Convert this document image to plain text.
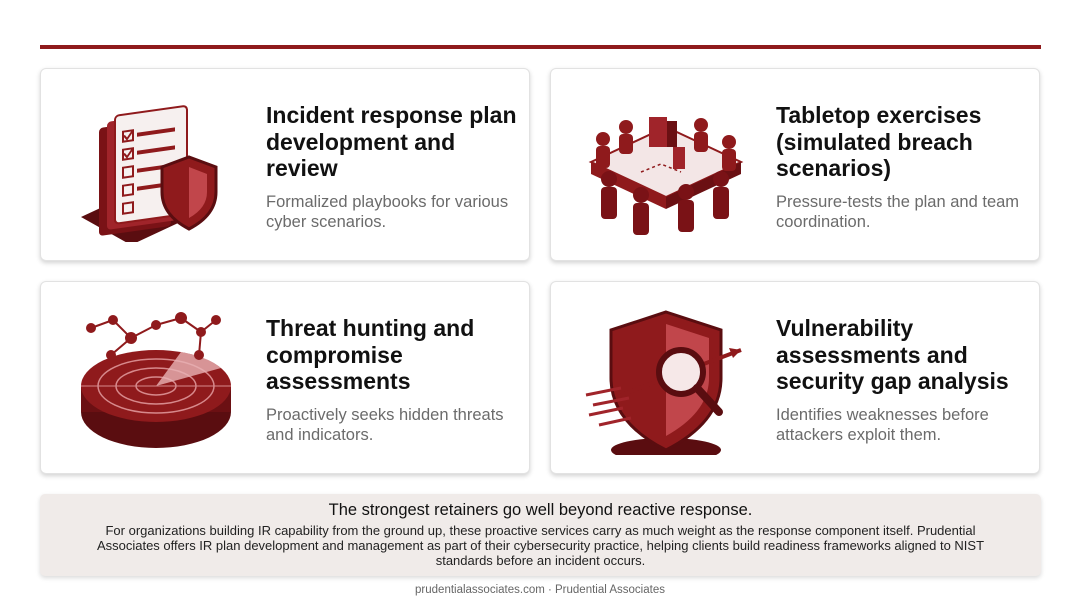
Incident response plan development and review
Formalized playbooks for various cyber scenarios.
Tabletop exercises (simulated breach scenarios)
Pressure-tests the plan and team coordination.
Threat hunting and compromise assessments
Proactively seeks hidden threats and indicators.
Vulnerability assessments and security gap analysis
Identifies weaknesses before attackers exploit them.
The strongest retainers go well beyond reactive response.
For organizations building IR capability from the ground up, these proactive services carry as much weight as the response component itself. Prudential Associates offers IR plan development and management as part of their cybersecurity practice, helping clients build readiness frameworks aligned to NIST standards before an incident occurs.
prudentialassociates.com · Prudential Associates
